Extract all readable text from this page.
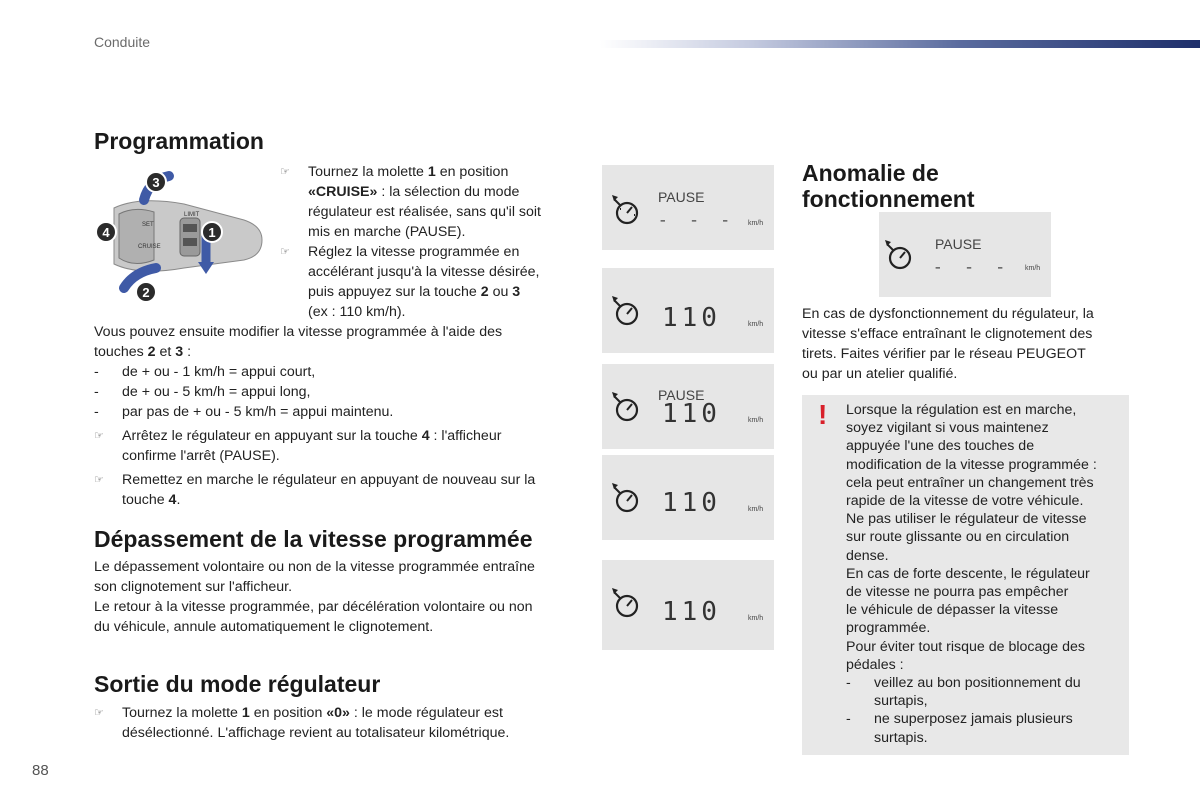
Conduite
Programmation
SET
LIMIT
CRUISE
3
4	1
2
☞ Tournez la molette 1 en position
«CRUISE» : la sélection du mode
régulateur est réalisée, sans qu'il soit
mis en marche (PAUSE).
☞ Réglez la vitesse programmée en
accélérant jusqu'à la vitesse désirée,
puis appuyez sur la touche 2 ou 3
(ex : 110 km/h).

Vous pouvez ensuite modifier la vitesse programmée à l'aide des
touches 2 et 3 :

- de + ou - 1 km/h = appui court,
- de + ou - 5 km/h = appui long,
- par pas de + ou - 5 km/h = appui maintenu.
☞ Arrêtez le régulateur en appuyant sur la touche 4 : l'afficheur
confirme l'arrêt (PAUSE).
☞ Remettez en marche le régulateur en appuyant de nouveau sur la
touche 4.
Dépassement de la vitesse programmée
Le dépassement volontaire ou non de la vitesse programmée entraîne
son clignotement sur l'afficheur.
Le retour à la vitesse programmée, par décélération volontaire ou non
du véhicule, annule automatiquement le clignotement.
Sortie du mode régulateur
☞ Tournez la molette 1 en position «0» : le mode régulateur est
désélectionné. L'affichage revient au totalisateur kilométrique.
PAUSE
- - - km/h
110	km/h
PAUSE
110	km/h
110	km/h
110	km/h
Anomalie de
fonctionnement
PAUSE
- - - km/h
En cas de dysfonctionnement du régulateur, la
vitesse s'efface entraînant le clignotement des
tirets. Faites vérifier par le réseau PEUGEOT
ou par un atelier qualifié.
! Lorsque la régulation est en marche,
soyez vigilant si vous maintenez
appuyée l'une des touches de
modification de la vitesse programmée :
cela peut entraîner un changement très
rapide de la vitesse de votre véhicule.
Ne pas utiliser le régulateur de vitesse
sur route glissante ou en circulation
dense.
En cas de forte descente, le régulateur
de vitesse ne pourra pas empêcher
le véhicule de dépasser la vitesse
programmée.
Pour éviter tout risque de blocage des
pédales :
- veillez au bon positionnement du
surtapis,
- ne superposez jamais plusieurs
surtapis.
88
